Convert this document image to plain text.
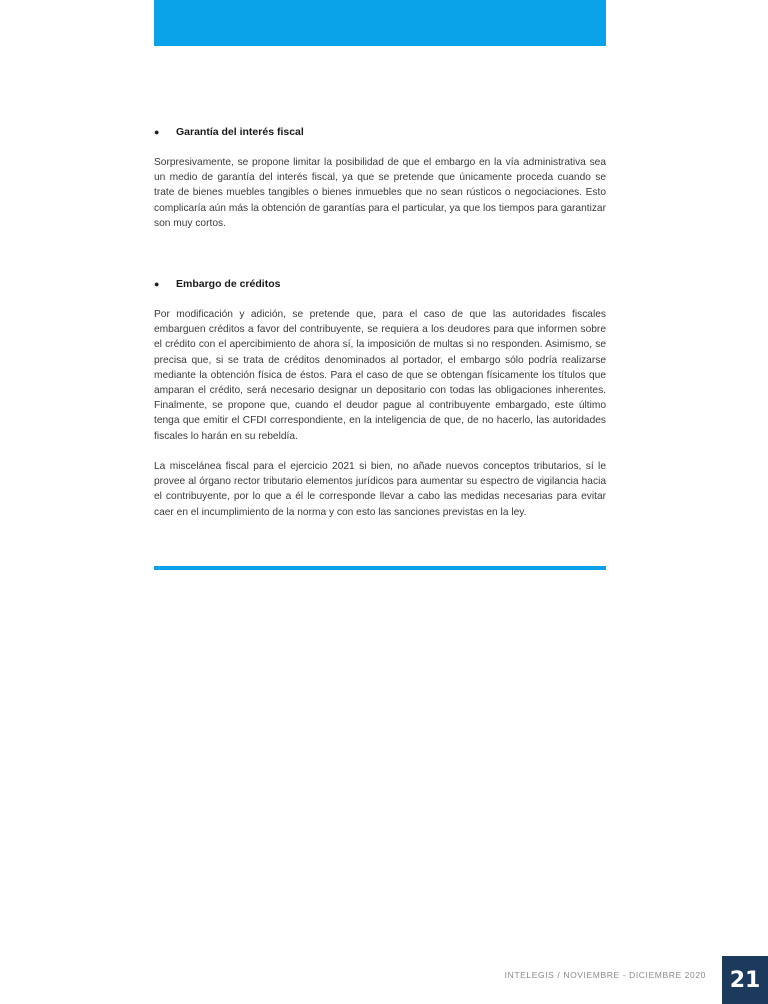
●	Garantía del interés fiscal

Sorpresivamente, se propone limitar la posibilidad de que el embargo en la vía administrativa sea un medio de garantía del interés fiscal, ya que se pretende que únicamente proceda cuando se trate de bienes muebles tangibles o bienes inmuebles que no sean rústicos o negociaciones. Esto complicaría aún más la obtención de garantías para el particular, ya que los tiempos para garantizar son muy cortos.

●	Embargo de créditos

Por modificación y adición, se pretende que, para el caso de que las autoridades fiscales embarguen créditos a favor del contribuyente, se requiera a los deudores para que informen sobre el crédito con el apercibimiento de ahora sí, la imposición de multas si no responden. Asimismo, se precisa que, si se trata de créditos denominados al portador, el embargo sólo podría realizarse mediante la obtención física de éstos. Para el caso de que se obtengan físicamente los títulos que amparan el crédito, será necesario designar un depositario con todas las obligaciones inherentes. Finalmente, se propone que, cuando el deudor pague al contribuyente embargado, este último tenga que emitir el CFDI correspondiente, en la inteligencia de que, de no hacerlo, las autoridades fiscales lo harán en su rebeldía.

La miscelánea fiscal para el ejercicio 2021 si bien, no añade nuevos conceptos tributarios, sí le provee al órgano rector tributario elementos jurídicos para aumentar su espectro de vigilancia hacia el contribuyente, por lo que a él le corresponde llevar a cabo las medidas necesarias para evitar caer en el incumplimiento de la norma y con esto las sanciones previstas en la ley.

INTELEGIS / NOVIEMBRE - DICIEMBRE 2020	21
